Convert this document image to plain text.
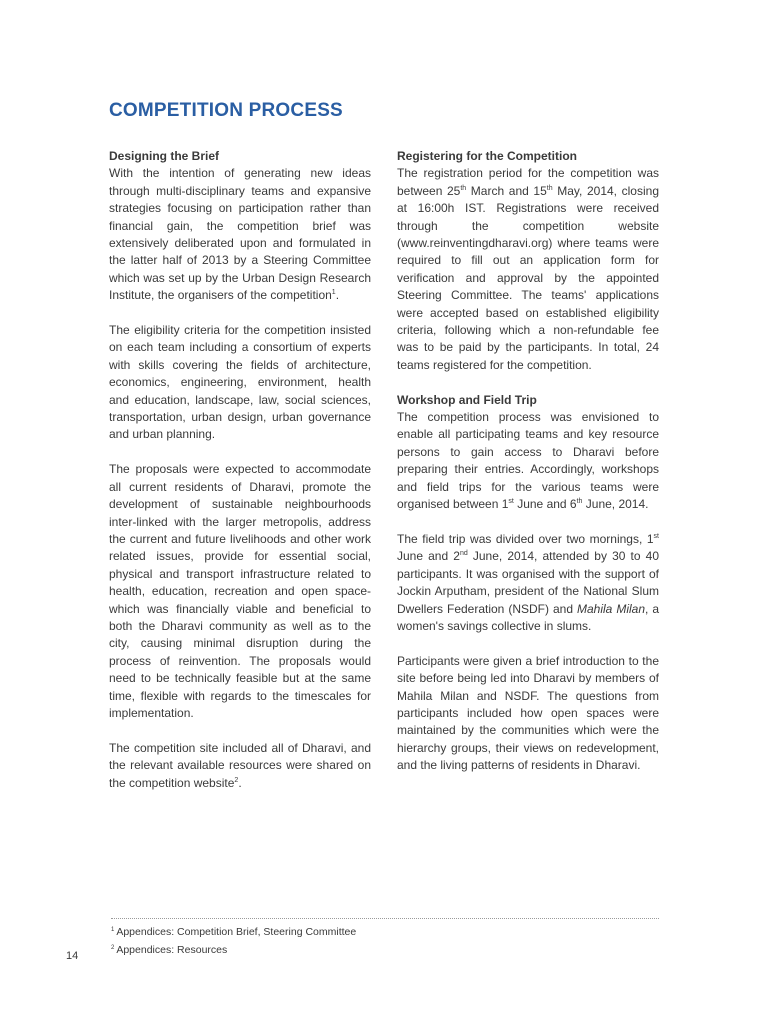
COMPETITION PROCESS
Designing the Brief

With the intention of generating new ideas through multi-disciplinary teams and expansive strategies focusing on participation rather than financial gain, the competition brief was extensively deliberated upon and formulated in the latter half of 2013 by a Steering Committee which was set up by the Urban Design Research Institute, the organisers of the competition$^1$.

The eligibility criteria for the competition insisted on each team including a consortium of experts with skills covering the fields of architecture, economics, engineering, environment, health and education, landscape, law, social sciences, transportation, urban design, urban governance and urban planning.

The proposals were expected to accommodate all current residents of Dharavi, promote the development of sustainable neighbourhoods inter-linked with the larger metropolis, address the current and future livelihoods and other work related issues, provide for essential social, physical and transport infrastructure related to health, education, recreation and open space- which was financially viable and beneficial to both the Dharavi community as well as to the city, causing minimal disruption during the process of reinvention. The proposals would need to be technically feasible but at the same time, flexible with regards to the timescales for implementation.

The competition site included all of Dharavi, and the relevant available resources were shared on the competition website$^2$.

Registering for the Competition

The registration period for the competition was between 25th March and 15th May, 2014, closing at 16:00h IST. Registrations were received through the competition website (www.reinventingdharavi.org) where teams were required to fill out an application form for verification and approval by the appointed Steering Committee. The teams' applications were accepted based on established eligibility criteria, following which a non-refundable fee was to be paid by the participants. In total, 24 teams registered for the competition.

Workshop and Field Trip

The competition process was envisioned to enable all participating teams and key resource persons to gain access to Dharavi before preparing their entries. Accordingly, workshops and field trips for the various teams were organised between 1st June and 6th June, 2014.

The field trip was divided over two mornings, 1st June and 2nd June, 2014, attended by 30 to 40 participants. It was organised with the support of Jockin Arputham, president of the National Slum Dwellers Federation (NSDF) and Mahila Milan, a women's savings collective in slums.

Participants were given a brief introduction to the site before being led into Dharavi by members of Mahila Milan and NSDF. The questions from participants included how open spaces were maintained by the communities which were the hierarchy groups, their views on redevelopment, and the living patterns of residents in Dharavi.

$^1$ Appendices: Competition Brief, Steering Committee
$^2$ Appendices: Resources
14
